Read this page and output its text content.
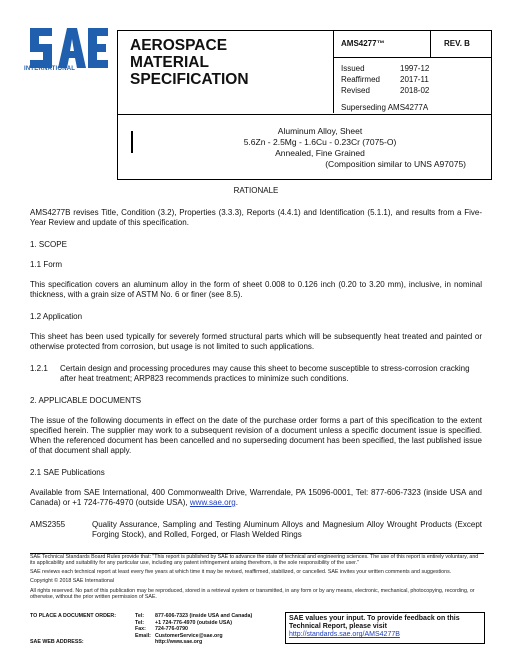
INTERNATIONAL
AEROSPACE
MATERIAL SPECIFICATION
AMS4277™	REV. B
Issued	1997-12
Reaffirmed	2017-11
Revised	2018-02
Superseding AMS4277A
Aluminum Alloy, Sheet
5.6Zn - 2.5Mg - 1.6Cu - 0.23Cr (7075-O)
Annealed, Fine Grained
(Composition similar to UNS A97075)

RATIONALE

AMS4277B revises Title, Condition (3.2), Properties (3.3.3), Reports (4.4.1) and Identification (5.1.1), and results from a Five-Year Review and update of this specification.

1. SCOPE

1.1 Form

This specification covers an aluminum alloy in the form of sheet 0.008 to 0.126 inch (0.20 to 3.20 mm), inclusive, in nominal thickness, with a grain size of ASTM No. 6 or finer (see 8.5).

1.2 Application

This sheet has been used typically for severely formed structural parts which will be subsequently heat treated and painted or otherwise protected from corrosion, but usage is not limited to such applications.

1.2.1	Certain design and processing procedures may cause this sheet to become susceptible to stress-corrosion cracking after heat treatment; ARP823 recommends practices to minimize such conditions.

2. APPLICABLE DOCUMENTS

The issue of the following documents in effect on the date of the purchase order forms a part of this specification to the extent specified herein. The supplier may work to a subsequent revision of a document unless a specific document issue is specified. When the referenced document has been cancelled and no superseding document has been specified, the last published issue of that document shall apply.

2.1 SAE Publications

Available from SAE International, 400 Commonwealth Drive, Warrendale, PA 15096-0001, Tel: 877-606-7323 (inside USA and Canada) or +1 724-776-4970 (outside USA), www.sae.org.

AMS2355	Quality Assurance, Sampling and Testing Aluminum Alloys and Magnesium Alloy Wrought Products (Except Forging Stock), and Rolled, Forged, or Flash Welded Rings

SAE Technical Standards Board Rules provide that: "This report is published by SAE to advance the state of technical and engineering sciences. The use of this report is entirely voluntary, and its applicability and suitability for any particular use, including any patent infringement arising therefrom, is the sole responsibility of the user."

SAE reviews each technical report at least every five years at which time it may be revised, reaffirmed, stabilized, or cancelled. SAE invites your written comments and suggestions.

Copyright © 2018 SAE International

All rights reserved. No part of this publication may be reproduced, stored in a retrieval system or transmitted, in any form or by any means, electronic, mechanical, photocopying, recording, or otherwise, without the prior written permission of SAE.

TO PLACE A DOCUMENT ORDER:	Tel:	877-606-7323 (inside USA and Canada)
	Tel:	+1 724-776-4970 (outside USA)
	Fax:	724-776-0790
	Email:	CustomerService@sae.org
SAE WEB ADDRESS:		http://www.sae.org
SAE values your input. To provide feedback on this
Technical Report, please visit
http://standards.sae.org/AMS4277B
